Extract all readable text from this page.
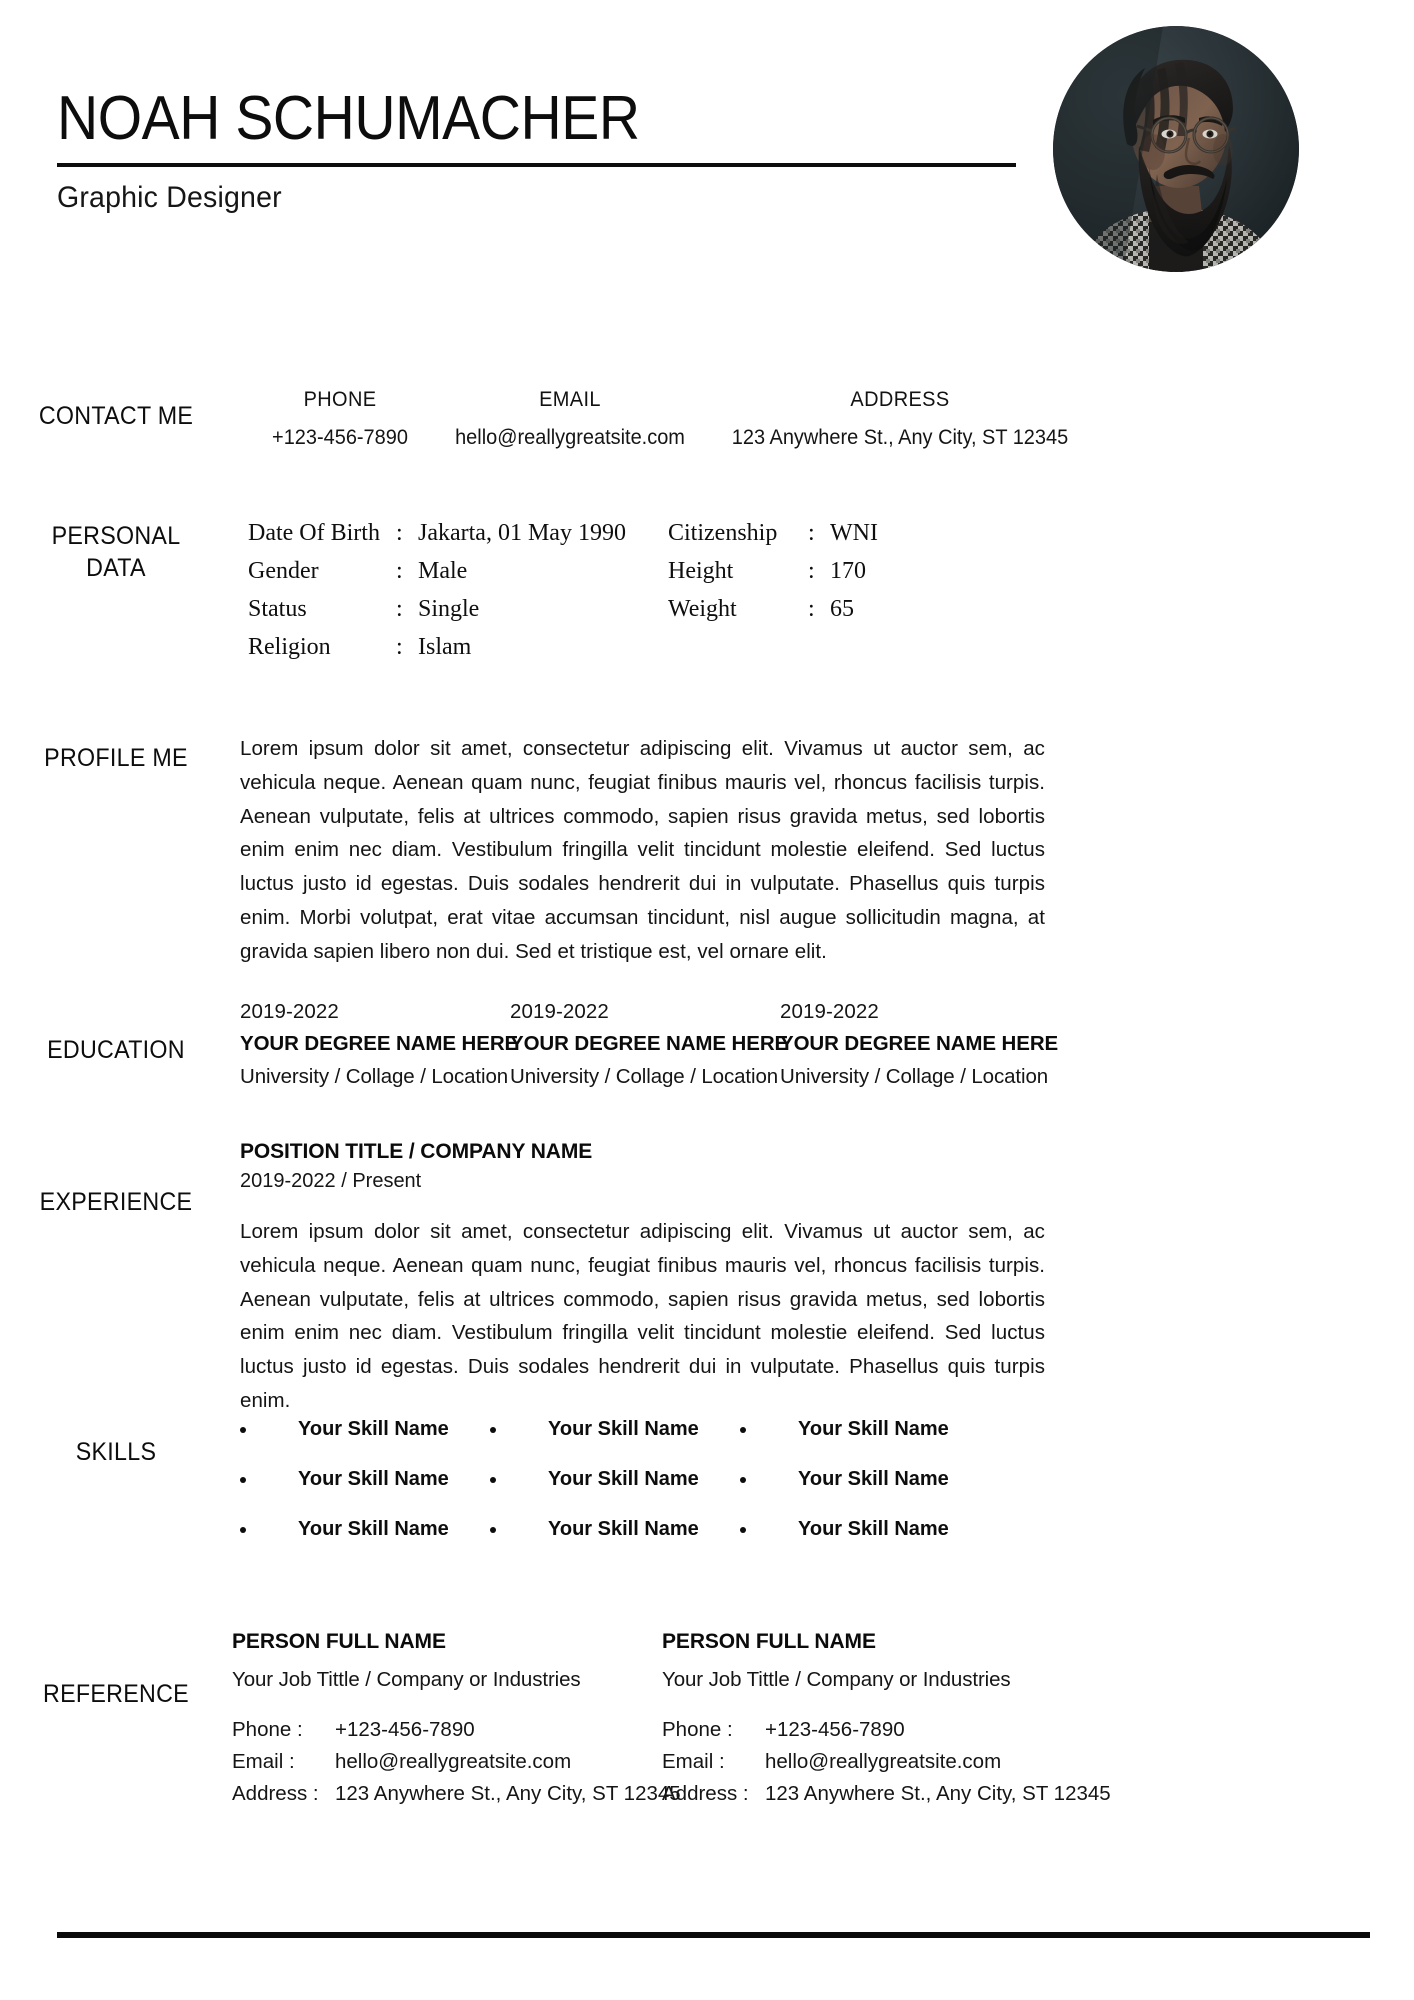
NOAH SCHUMACHER
Graphic Designer
CONTACT ME
PHONE
+123-456-7890
EMAIL
hello@reallygreatsite.com
ADDRESS
123 Anywhere St., Any City, ST 12345
PERSONAL
DATA
Date Of Birth : Jakarta, 01 May 1990
Gender	: Male
Status	: Single
Religion	: Islam
Citizenship	: WNI
Height	: 170
Weight	: 65
PROFILE ME	Lorem ipsum dolor sit amet, consectetur adipiscing elit. Vivamus ut auctor sem, ac vehicula neque. Aenean quam nunc, feugiat finibus mauris vel, rhoncus facilisis turpis. Aenean vulputate, felis at ultrices commodo, sapien risus gravida metus, sed lobortis enim enim nec diam. Vestibulum fringilla velit tincidunt molestie eleifend. Sed luctus luctus justo id egestas. Duis sodales hendrerit dui in vulputate. Phasellus quis turpis enim. Morbi volutpat, erat vitae accumsan tincidunt, nisl augue sollicitudin magna, at gravida sapien libero non dui. Sed et tristique est, vel ornare elit.
EDUCATION
2019-2022
YOUR DEGREE NAME HERE
University / Collage / Location
2019-2022
YOUR DEGREE NAME HERE
University / Collage / Location
2019-2022
YOUR DEGREE NAME HERE
University / Collage / Location
EXPERIENCE
POSITION TITLE / COMPANY NAME
2019-2022 / Present
Lorem ipsum dolor sit amet, consectetur adipiscing elit. Vivamus ut auctor sem, ac vehicula neque. Aenean quam nunc, feugiat finibus mauris vel, rhoncus facilisis turpis. Aenean vulputate, felis at ultrices commodo, sapien risus gravida metus, sed lobortis enim enim nec diam. Vestibulum fringilla velit tincidunt molestie eleifend. Sed luctus luctus justo id egestas. Duis sodales hendrerit dui in vulputate. Phasellus quis turpis enim.
SKILLS
Your Skill Name	Your Skill Name	Your Skill Name
Your Skill Name	Your Skill Name	Your Skill Name
Your Skill Name	Your Skill Name	Your Skill Name
REFERENCE
PERSON FULL NAME
Your Job Tittle / Company or Industries
Phone :	+123-456-7890
Email :	hello@reallygreatsite.com
Address : 123 Anywhere St., Any City, ST 12345
PERSON FULL NAME
Your Job Tittle / Company or Industries
Phone :	+123-456-7890
Email :	hello@reallygreatsite.com
Address : 123 Anywhere St., Any City, ST 12345
